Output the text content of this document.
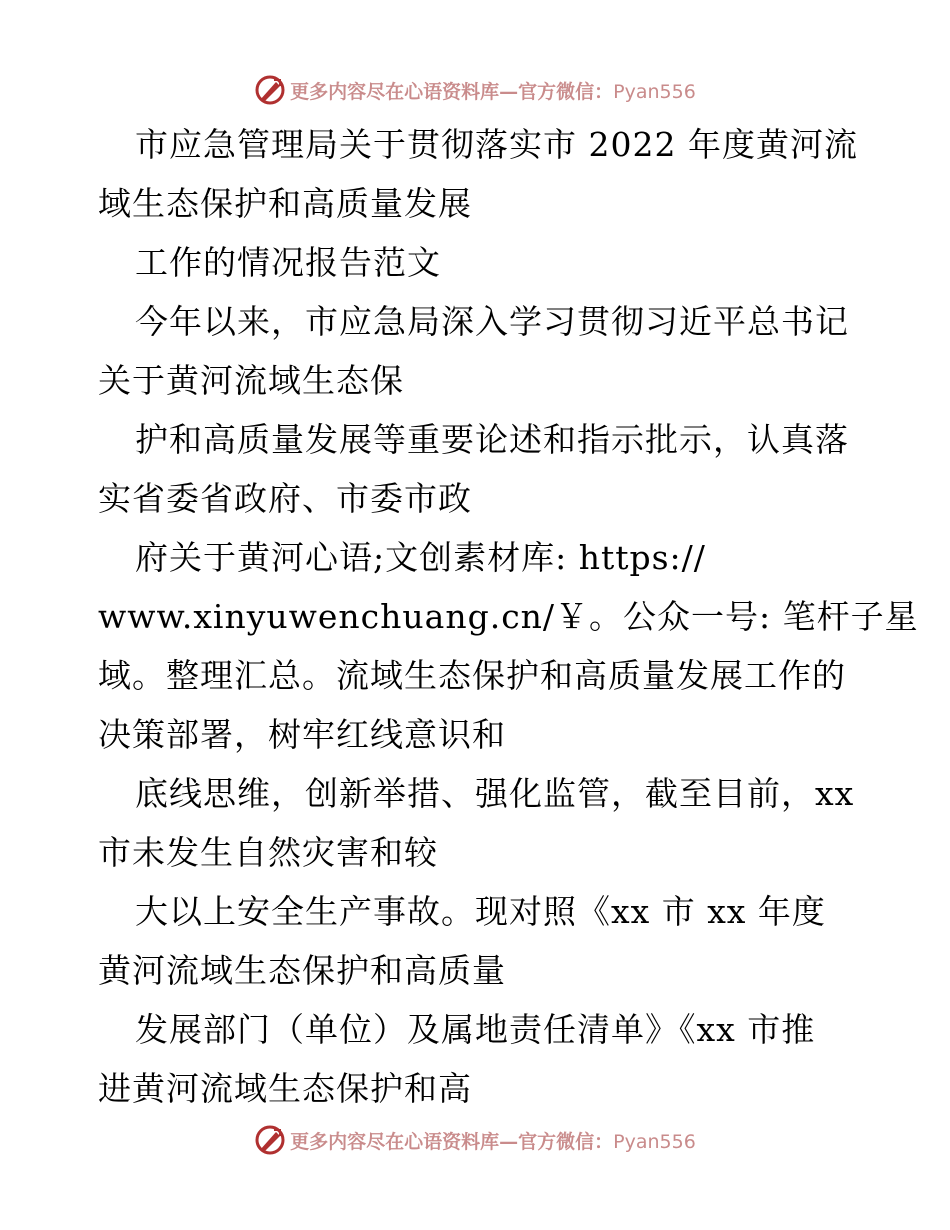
更多内容尽在心语资料库—官方微信：Pyan556
市应急管理局关于贯彻落实市 2022 年度黄河流
域生态保护和高质量发展
工作的情况报告范文
今年以来，市应急局深入学习贯彻习近平总书记
关于黄河流域生态保
护和高质量发展等重要论述和指示批示，认真落
实省委省政府、市委市政
府关于黄河心语;文创素材库: https://
www.xinyuwenchuang.cn/￥。公众一号: 笔杆子星
域。整理汇总。流域生态保护和高质量发展工作的
决策部署，树牢红线意识和
底线思维，创新举措、强化监管，截至目前，xx
市未发生自然灾害和较
大以上安全生产事故。现对照《xx 市 xx 年度
黄河流域生态保护和高质量
发展部门（单位）及属地责任清单》《xx 市推
进黄河流域生态保护和高
更多内容尽在心语资料库—官方微信：Pyan556
